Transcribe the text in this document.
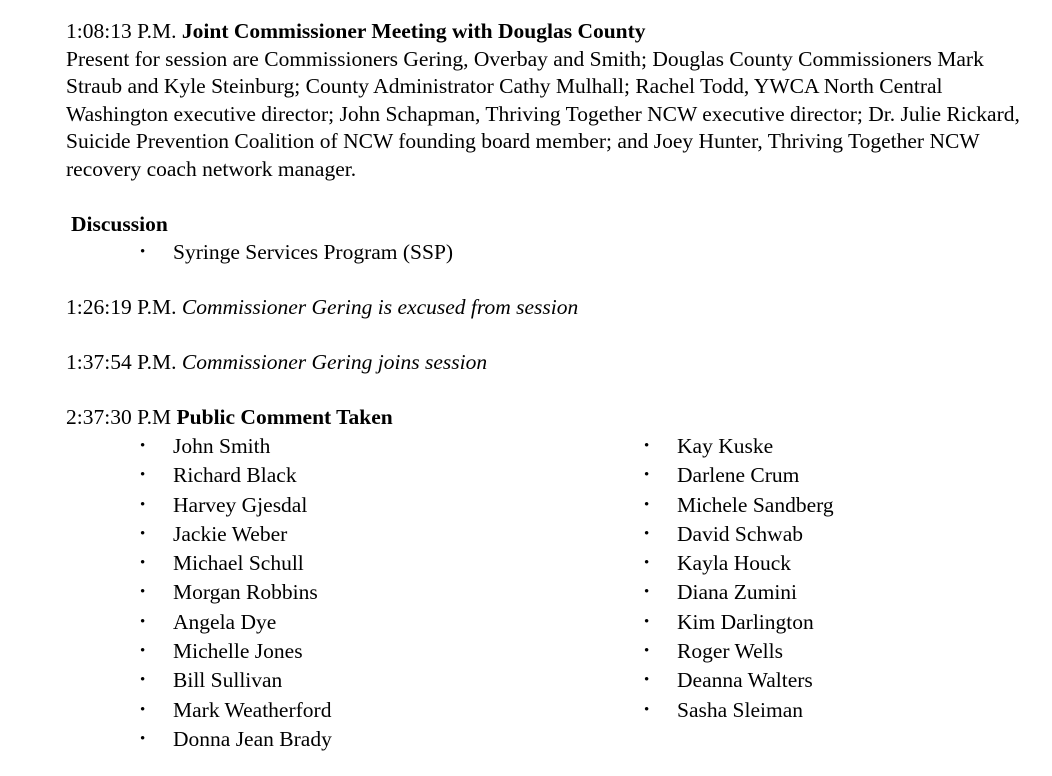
1:08:13 P.M. Joint Commissioner Meeting with Douglas County

Present for session are Commissioners Gering, Overbay and Smith; Douglas County Commissioners Mark Straub and Kyle Steinburg; County Administrator Cathy Mulhall; Rachel Todd, YWCA North Central Washington executive director; John Schapman, Thriving Together NCW executive director; Dr. Julie Rickard, Suicide Prevention Coalition of NCW founding board member; and Joey Hunter, Thriving Together NCW recovery coach network manager.

Discussion
• Syringe Services Program (SSP)

1:26:19 P.M. Commissioner Gering is excused from session

1:37:54 P.M. Commissioner Gering joins session

2:37:30 P.M Public Comment Taken

• John Smith
• Richard Black
• Harvey Gjesdal
• Jackie Weber
• Michael Schull
• Morgan Robbins
• Angela Dye
• Michelle Jones
• Bill Sullivan
• Mark Weatherford
• Donna Jean Brady
• Kay Kuske
• Darlene Crum
• Michele Sandberg
• David Schwab
• Kayla Houck
• Diana Zumini
• Kim Darlington
• Roger Wells
• Deanna Walters
• Sasha Sleiman
